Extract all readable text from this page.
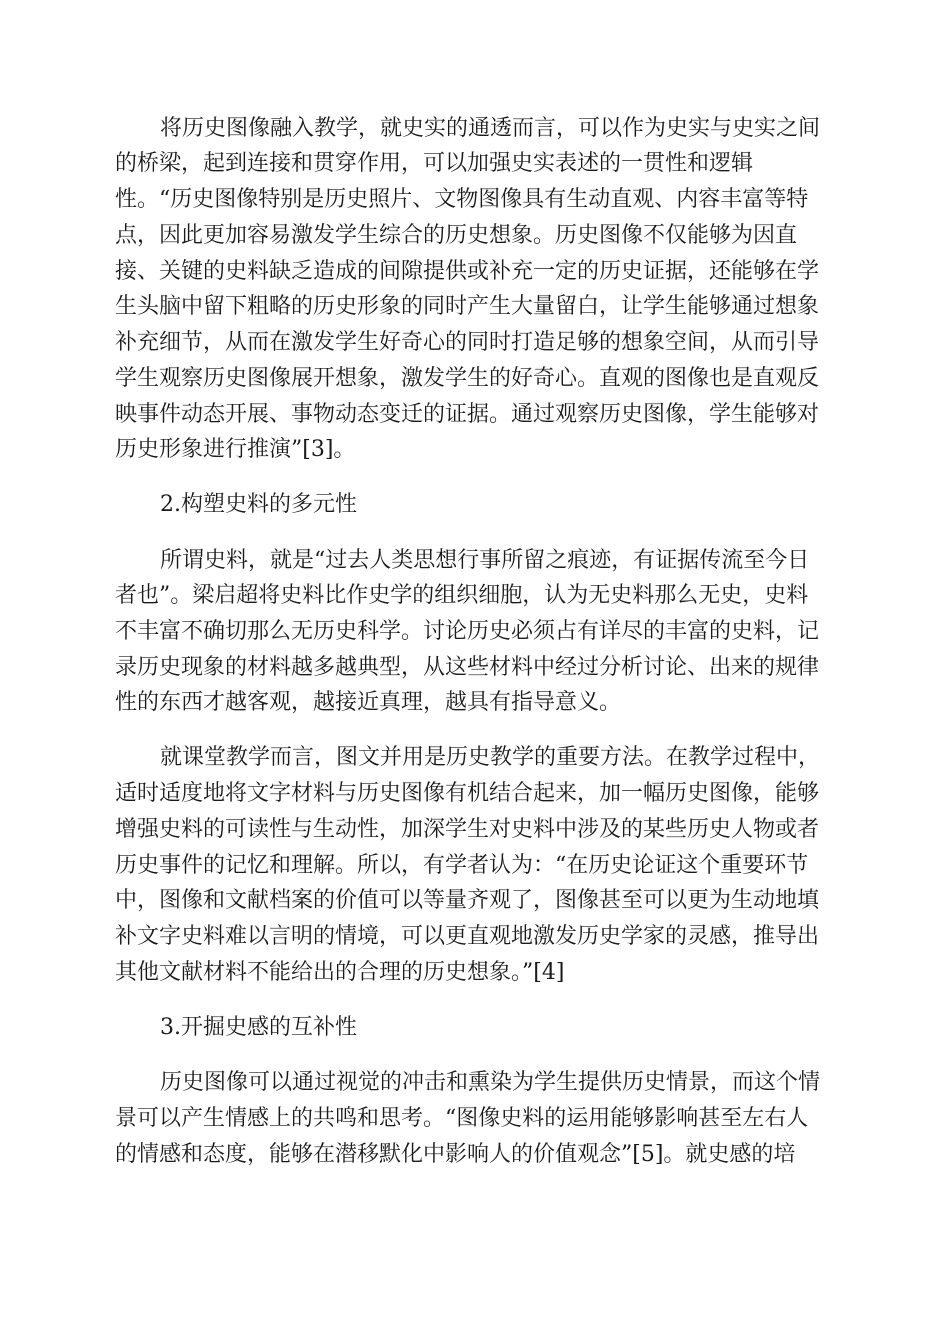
将历史图像融入教学，就史实的通透而言，可以作为史实与史实之间
的桥梁，起到连接和贯穿作用，可以加强史实表述的一贯性和逻辑
性。“历史图像特别是历史照片、文物图像具有生动直观、内容丰富等特
点，因此更加容易激发学生综合的历史想象。历史图像不仅能够为因直
接、关键的史料缺乏造成的间隙提供或补充一定的历史证据，还能够在学
生头脑中留下粗略的历史形象的同时产生大量留白，让学生能够通过想象
补充细节，从而在激发学生好奇心的同时打造足够的想象空间，从而引导
学生观察历史图像展开想象，激发学生的好奇心。直观的图像也是直观反
映事件动态开展、事物动态变迁的证据。通过观察历史图像，学生能够对
历史形象进行推演”[3]。
2.构塑史料的多元性
所谓史料，就是“过去人类思想行事所留之痕迹，有证据传流至今日
者也”。梁启超将史料比作史学的组织细胞，认为无史料那么无史，史料
不丰富不确切那么无历史科学。讨论历史必须占有详尽的丰富的史料，记
录历史现象的材料越多越典型，从这些材料中经过分析讨论、出来的规律
性的东西才越客观，越接近真理，越具有指导意义。
就课堂教学而言，图文并用是历史教学的重要方法。在教学过程中，
适时适度地将文字材料与历史图像有机结合起来，加一幅历史图像，能够
增强史料的可读性与生动性，加深学生对史料中涉及的某些历史人物或者
历史事件的记忆和理解。所以，有学者认为：“在历史论证这个重要环节
中，图像和文献档案的价值可以等量齐观了，图像甚至可以更为生动地填
补文字史料难以言明的情境，可以更直观地激发历史学家的灵感，推导出
其他文献材料不能给出的合理的历史想象。”[4]
3.开掘史感的互补性
历史图像可以通过视觉的冲击和熏染为学生提供历史情景，而这个情
景可以产生情感上的共鸣和思考。“图像史料的运用能够影响甚至左右人
的情感和态度，能够在潜移默化中影响人的价值观念”[5]。就史感的培
